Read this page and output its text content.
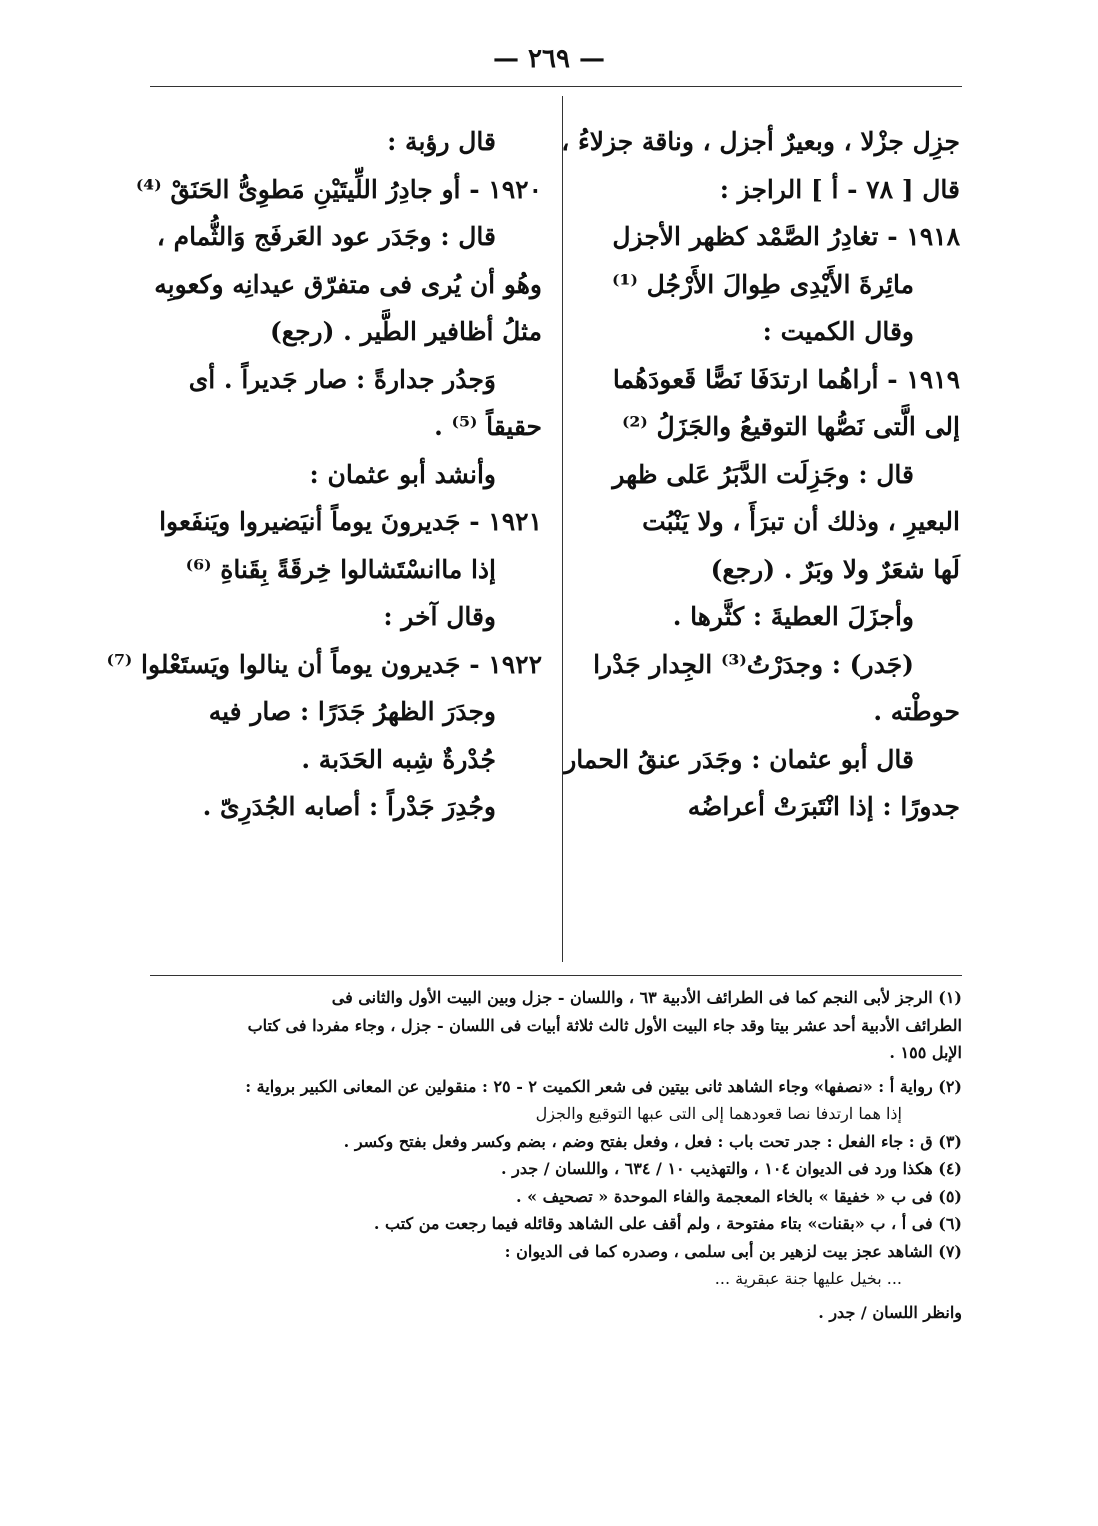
— ٢٦٩ —
جزِل جزْلا ، وبعيرٌ أجزل ، وناقة جزلاءُ ،
قال [ ٧٨ - أ ] الراجز :
١٩١٨ - تغادِرُ الصَّمْد كظهر الأجزل
مائِرةَ الأَيْدِى طِوالَ الأَرْجُل ⁽¹⁾
وقال الكميت :
١٩١٩ - أراهُما ارتدَفَا نَصًّا قَعودَهُما
إلى الَّتى نَصُّها التوقيعُ والجَزَلُ ⁽²⁾
قال : وجَزِلَت الدَّبَرُ عَلى ظهر
البعيرِ ، وذلك أن تبرَأَ ، ولا يَنْبُت
لَها شعَرٌ ولا وبَرٌ . (رجع)
وأجزَلَ العطيةَ : كثَّرها .
(جَدر) : وجدَرْتُ⁽³⁾ الجِدار جَدْرا
حوطْته .
قال أبو عثمان : وجَدَر عنقُ الحمار
جدورًا : إذا انْتَبرَتْ أعراضُه
قال رؤبة :
١٩٢٠ - أو جادِرُ اللِّيتَيْنِ مَطوِىُّ الحَنَقْ ⁽⁴⁾
قال : وجَدَر عود العَرفَج وَالثُّمام ،
وهُو أن يُرى فى متفرّق عيدانِه وكعوبِه
مثلُ أظافير الطَّير . (رجع)
وَجدُر جدارةً : صار جَديراً . أى
حقيقاً ⁽⁵⁾ .
وأنشد أبو عثمان :
١٩٢١ - جَديرونَ يوماً أنيَضيروا ويَنفَعوا
إذا ماانسْتَشالوا خِرقَةً بِقَناةِ ⁽⁶⁾
وقال آخر :
١٩٢٢ - جَديرون يوماً أن ينالوا ويَستَعْلوا ⁽⁷⁾
وجدَرَ الظهرُ جَدَرًا : صار فيه
جُدْرةٌ شِبه الحَدَبة .
وجُدِرَ جَدْراً : أصابه الجُدَرِىّ .
(١) الرجز لأبى النجم كما فى الطرائف الأدبية ٦٣ ، واللسان - جزل وبين البيت الأول والثانى فى
الطرائف الأدبية أحد عشر بيتا وقد جاء البيت الأول ثالث ثلاثة أبيات فى اللسان - جزل ، وجاء مفردا فى كتاب
الإبل ١٥٥ .
(٢) رواية أ : «نصفها» وجاء الشاهد ثانى بيتين فى شعر الكميت ٢ - ٢٥ : منقولين عن المعانى الكبير برواية :
إذا هما ارتدفا نصا قعودهما إلى التى عبها التوقيع والجزل
(٣) ق : جاء الفعل : جدر تحت باب : فعل ، وفعل بفتح وضم ، بضم وكسر وفعل بفتح وكسر .
(٤) هكذا ورد فى الديوان ١٠٤ ، والتهذيب ١٠ / ٦٣٤ ، واللسان / جدر .
(٥) فى ب « خفيقا » بالخاء المعجمة والفاء الموحدة « تصحيف » .
(٦) فى أ ، ب «بقنات» بتاء مفتوحة ، ولم أقف على الشاهد وقائله فيما رجعت من كتب .
(٧) الشاهد عجز بيت لزهير بن أبى سلمى ، وصدره كما فى الديوان :
... بخيل عليها جنة عبقرية ...
وانظر اللسان / جدر .
